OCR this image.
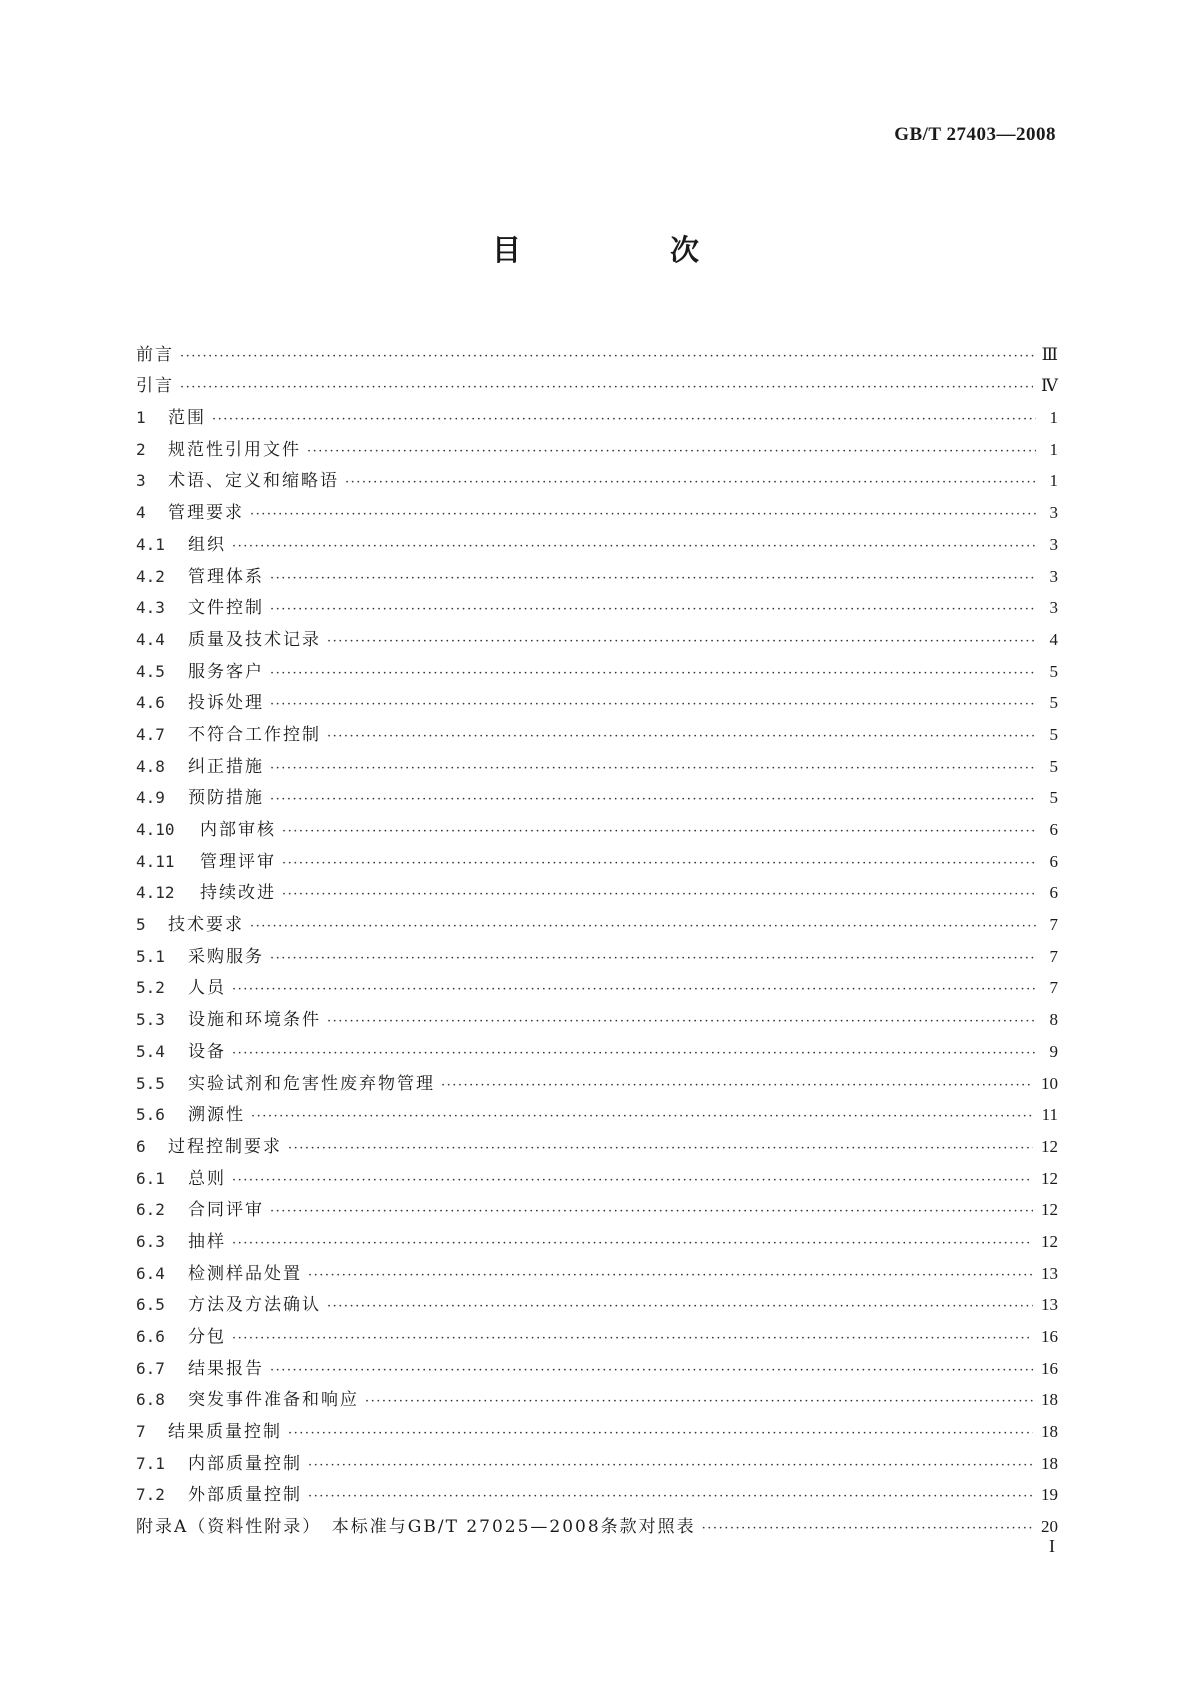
GB/T 27403—2008
目　次
前言 ·····	Ⅲ
引言 ·····	Ⅳ
1	范围 ·····	1
2	规范性引用文件 ·····	1
3	术语、定义和缩略语 ·····	1
4	管理要求 ·····	3
4.1	组织 ·····	3
4.2	管理体系 ·····	3
4.3	文件控制 ·····	3
4.4	质量及技术记录 ·····	4
4.5	服务客户 ·····	5
4.6	投诉处理 ·····	5
4.7	不符合工作控制 ·····	5
4.8	纠正措施 ·····	5
4.9	预防措施 ·····	5
4.10	内部审核 ·····	6
4.11	管理评审 ·····	6
4.12	持续改进 ·····	6
5	技术要求 ·····	7
5.1	采购服务 ·····	7
5.2	人员 ·····	7
5.3	设施和环境条件 ·····	8
5.4	设备 ·····	9
5.5	实验试剂和危害性废弃物管理 ·····	10
5.6	溯源性 ·····	11
6	过程控制要求 ·····	12
6.1	总则 ·····	12
6.2	合同评审 ·····	12
6.3	抽样 ·····	12
6.4	检测样品处置 ·····	13
6.5	方法及方法确认 ·····	13
6.6	分包 ·····	16
6.7	结果报告 ·····	16
6.8	突发事件准备和响应 ·····	18
7	结果质量控制 ·····	18
7.1	内部质量控制 ·····	18
7.2	外部质量控制 ·····	19
附录A（资料性附录）　本标准与GB/T 27025—2008条款对照表 ·····	20
I
